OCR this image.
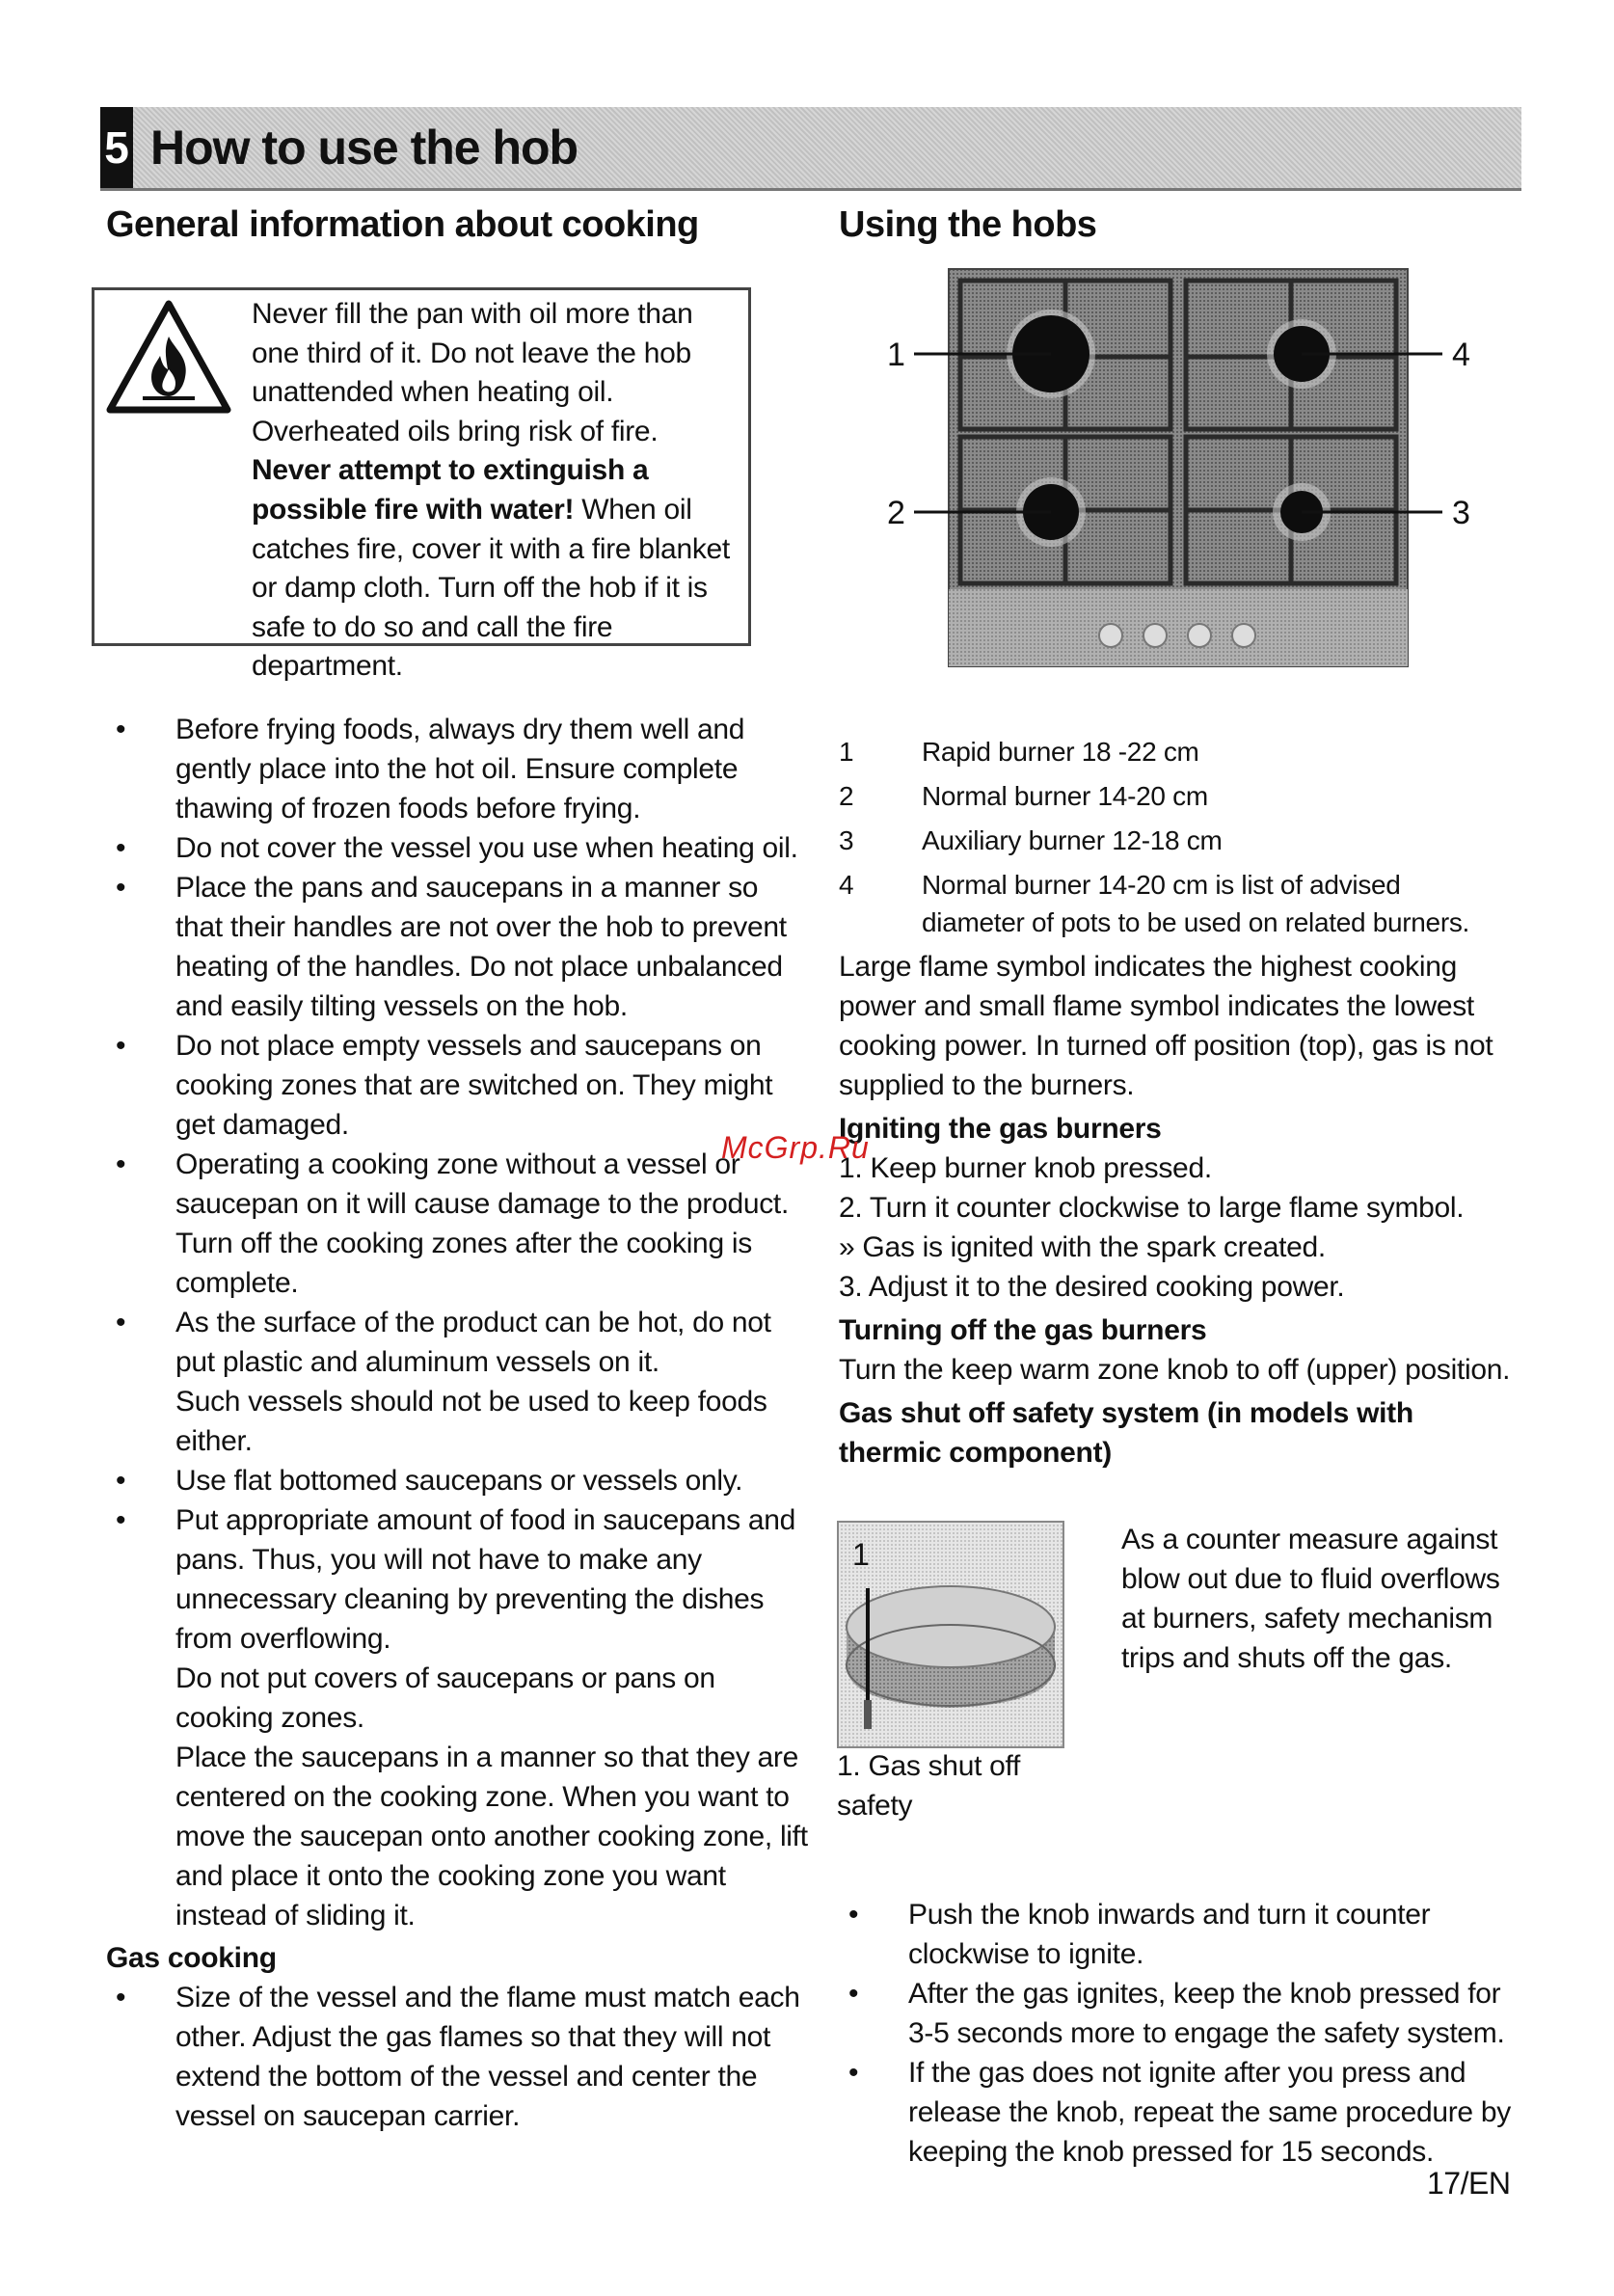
5 How to use the hob
General information about cooking
Never fill the pan with oil more than one third of it. Do not leave the hob unattended when heating oil. Overheated oils bring risk of fire. Never attempt to extinguish a possible fire with water! When oil catches fire, cover it with a fire blanket or damp cloth. Turn off the hob if it is safe to do so and call the fire department.
• Before frying foods, always dry them well and gently place into the hot oil. Ensure complete thawing of frozen foods before frying.
• Do not cover the vessel you use when heating oil.
• Place the pans and saucepans in a manner so that their handles are not over the hob to prevent heating of the handles. Do not place unbalanced and easily tilting vessels on the hob.
• Do not place empty vessels and saucepans on cooking zones that are switched on. They might get damaged.
• Operating a cooking zone without a vessel or saucepan on it will cause damage to the product. Turn off the cooking zones after the cooking is complete.

• As the surface of the product can be hot, do not put plastic and aluminum vessels on it.

Such vessels should not be used to keep foods either.

• Use flat bottomed saucepans or vessels only.

• Put appropriate amount of food in saucepans and pans. Thus, you will not have to make any unnecessary cleaning by preventing the dishes from overflowing.

Do not put covers of saucepans or pans on cooking zones.

Place the saucepans in a manner so that they are centered on the cooking zone. When you want to move the saucepan onto another cooking zone, lift and place it onto the cooking zone you want instead of sliding it.

Gas cooking
• Size of the vessel and the flame must match each other. Adjust the gas flames so that they will not extend the bottom of the vessel and center the vessel on saucepan carrier.
Using the hobs
1
2	3
4
1	Rapid burner 18 -22 cm
2	Normal burner 14-20 cm
3	Auxiliary burner 12-18 cm
4	Normal burner 14-20 cm is list of advised
diameter of pots to be used on related burners.

Large flame symbol indicates the highest cooking power and small flame symbol indicates the lowest cooking power. In turned off position (top), gas is not supplied to the burners.

Igniting the gas burners

1. Keep burner knob pressed.

2. Turn it counter clockwise to large flame symbol.

» Gas is ignited with the spark created.

3. Adjust it to the desired cooking power.

Turning off the gas burners

Turn the keep warm zone knob to off (upper) position.

Gas shut off safety system (in models with thermic component)

1	As a counter measure against blow out due to fluid overflows at burners, safety mechanism trips and shuts off the gas.
1. Gas shut off safety
• Push the knob inwards and turn it counter clockwise to ignite.
• After the gas ignites, keep the knob pressed for 3-5 seconds more to engage the safety system.
• If the gas does not ignite after you press and release the knob, repeat the same procedure by keeping the knob pressed for 15 seconds.
17/EN
McGrp.Ru
